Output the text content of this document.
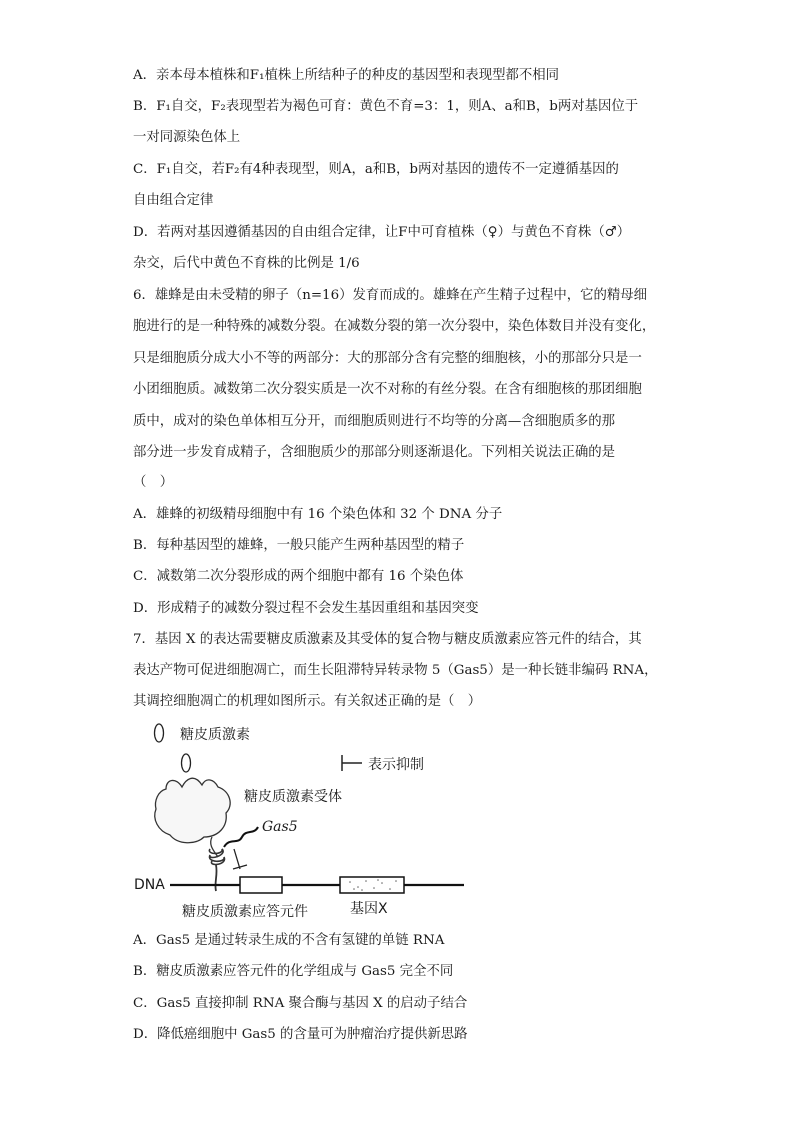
A．亲本母本植株和F₁植株上所结种子的种皮的基因型和表现型都不相同
B．F₁自交，F₂表现型若为褐色可育：黄色不育=3：1，则A、a和B，b两对基因位于
一对同源染色体上
C．F₁自交，若F₂有4种表现型，则A，a和B，b两对基因的遗传不一定遵循基因的
自由组合定律
D．若两对基因遵循基因的自由组合定律，让F中可育植株（♀）与黄色不育株（♂）
杂交，后代中黄色不育株的比例是 1/6
6．雄蜂是由未受精的卵子（n=16）发育而成的。雄蜂在产生精子过程中，它的精母细
胞进行的是一种特殊的减数分裂。在减数分裂的第一次分裂中，染色体数目并没有变化，
只是细胞质分成大小不等的两部分：大的那部分含有完整的细胞核，小的那部分只是一
小团细胞质。减数第二次分裂实质是一次不对称的有丝分裂。在含有细胞核的那团细胞
质中，成对的染色单体相互分开，而细胞质则进行不均等的分离—含细胞质多的那
部分进一步发育成精子，含细胞质少的那部分则逐渐退化。下列相关说法正确的是
（　）
A．雄蜂的初级精母细胞中有 16 个染色体和 32 个 DNA 分子
B．每种基因型的雄蜂，一般只能产生两种基因型的精子
C．减数第二次分裂形成的两个细胞中都有 16 个染色体
D．形成精子的减数分裂过程不会发生基因重组和基因突变
7．基因 X 的表达需要糖皮质激素及其受体的复合物与糖皮质激素应答元件的结合，其
表达产物可促进细胞凋亡，而生长阻滞特异转录物 5（Gas5）是一种长链非编码 RNA，
其调控细胞凋亡的机理如图所示。有关叙述正确的是（　）
糖皮质激素
表示抑制
糖皮质激素受体
Gas5
DNA
糖皮质激素应答元件	基因X
A．Gas5 是通过转录生成的不含有氢键的单链 RNA
B．糖皮质激素应答元件的化学组成与 Gas5 完全不同
C．Gas5 直接抑制 RNA 聚合酶与基因 X 的启动子结合
D．降低癌细胞中 Gas5 的含量可为肿瘤治疗提供新思路
